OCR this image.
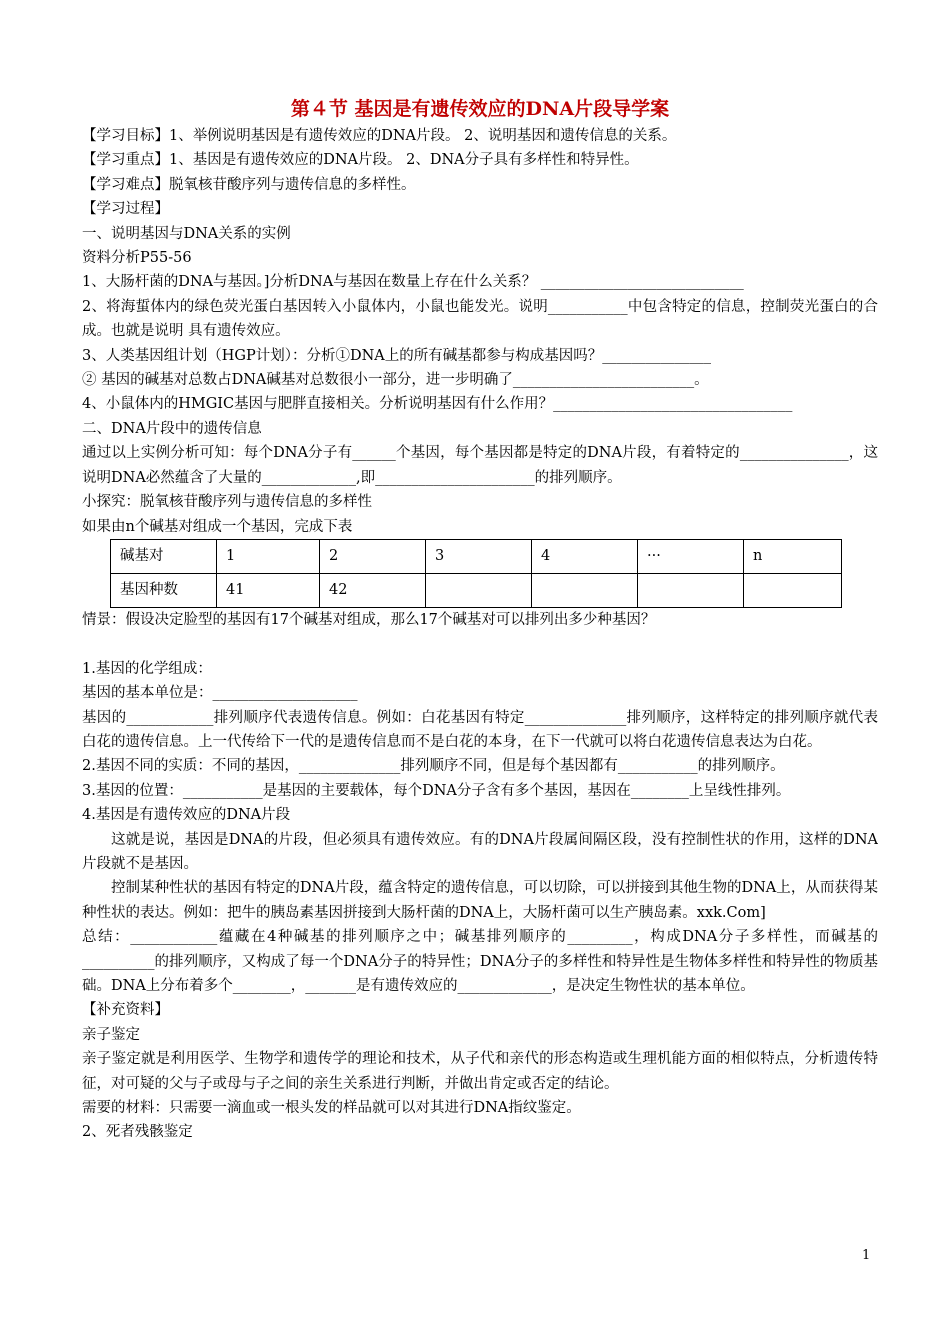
第４节 基因是有遗传效应的DNA片段导学案

【学习目标】1、举例说明基因是有遗传效应的DNA片段。 2、说明基因和遗传信息的关系。

【学习重点】1、基因是有遗传效应的DNA片段。 2、DNA分子具有多样性和特异性。

【学习难点】脱氧核苷酸序列与遗传信息的多样性。

【学习过程】

一、说明基因与DNA关系的实例

资料分析P55-56

1、大肠杆菌的DNA与基因。]分析DNA与基因在数量上存在什么关系？ ____________________________

2、将海蜇体内的绿色荧光蛋白基因转入小鼠体内，小鼠也能发光。说明___________中包含特定的信息，控制荧光蛋白的合成。也就是说明 具有遗传效应。

3、人类基因组计划（HGP计划）：分析①DNA上的所有碱基都参与构成基因吗？_______________

② 基因的碱基对总数占DNA碱基对总数很小一部分，进一步明确了_________________________。

4、小鼠体内的HMGIC基因与肥胖直接相关。分析说明基因有什么作用？_________________________________

二、DNA片段中的遗传信息

通过以上实例分析可知：每个DNA分子有______个基因，每个基因都是特定的DNA片段，有着特定的_______________，这说明DNA必然蕴含了大量的_____________,即______________________的排列顺序。

小探究：脱氧核苷酸序列与遗传信息的多样性

如果由n个碱基对组成一个基因，完成下表

碱基对	1	2	3	4	···	n
基因种数	41	42				

情景：假设决定脸型的基因有17个碱基对组成，那么17个碱基对可以排列出多少种基因？

1.基因的化学组成：

基因的基本单位是：____________________

基因的____________排列顺序代表遗传信息。例如：白花基因有特定______________排列顺序，这样特定的排列顺序就代表白花的遗传信息。上一代传给下一代的是遗传信息而不是白花的本身，在下一代就可以将白花遗传信息表达为白花。

2.基因不同的实质：不同的基因，______________排列顺序不同，但是每个基因都有___________的排列顺序。

3.基因的位置：___________是基因的主要载体，每个DNA分子含有多个基因，基因在________上呈线性排列。

4.基因是有遗传效应的DNA片段

这就是说，基因是DNA的片段，但必须具有遗传效应。有的DNA片段属间隔区段，没有控制性状的作用，这样的DNA片段就不是基因。

控制某种性状的基因有特定的DNA片段，蕴含特定的遗传信息，可以切除，可以拼接到其他生物的DNA上，从而获得某种性状的表达。例如：把牛的胰岛素基因拼接到大肠杆菌的DNA上，大肠杆菌可以生产胰岛素。xxk.Com]

总结：____________蕴藏在4种碱基的排列顺序之中；碱基排列顺序的_________，构成DNA分子多样性，而碱基的__________的排列顺序，又构成了每一个DNA分子的特异性；DNA分子的多样性和特异性是生物体多样性和特异性的物质基础。DNA上分布着多个________，_______是有遗传效应的_____________，是决定生物性状的基本单位。

【补充资料】

亲子鉴定

亲子鉴定就是利用医学、生物学和遗传学的理论和技术，从子代和亲代的形态构造或生理机能方面的相似特点，分析遗传特征，对可疑的父与子或母与子之间的亲生关系进行判断，并做出肯定或否定的结论。

需要的材料：只需要一滴血或一根头发的样品就可以对其进行DNA指纹鉴定。

2、死者残骸鉴定

1
